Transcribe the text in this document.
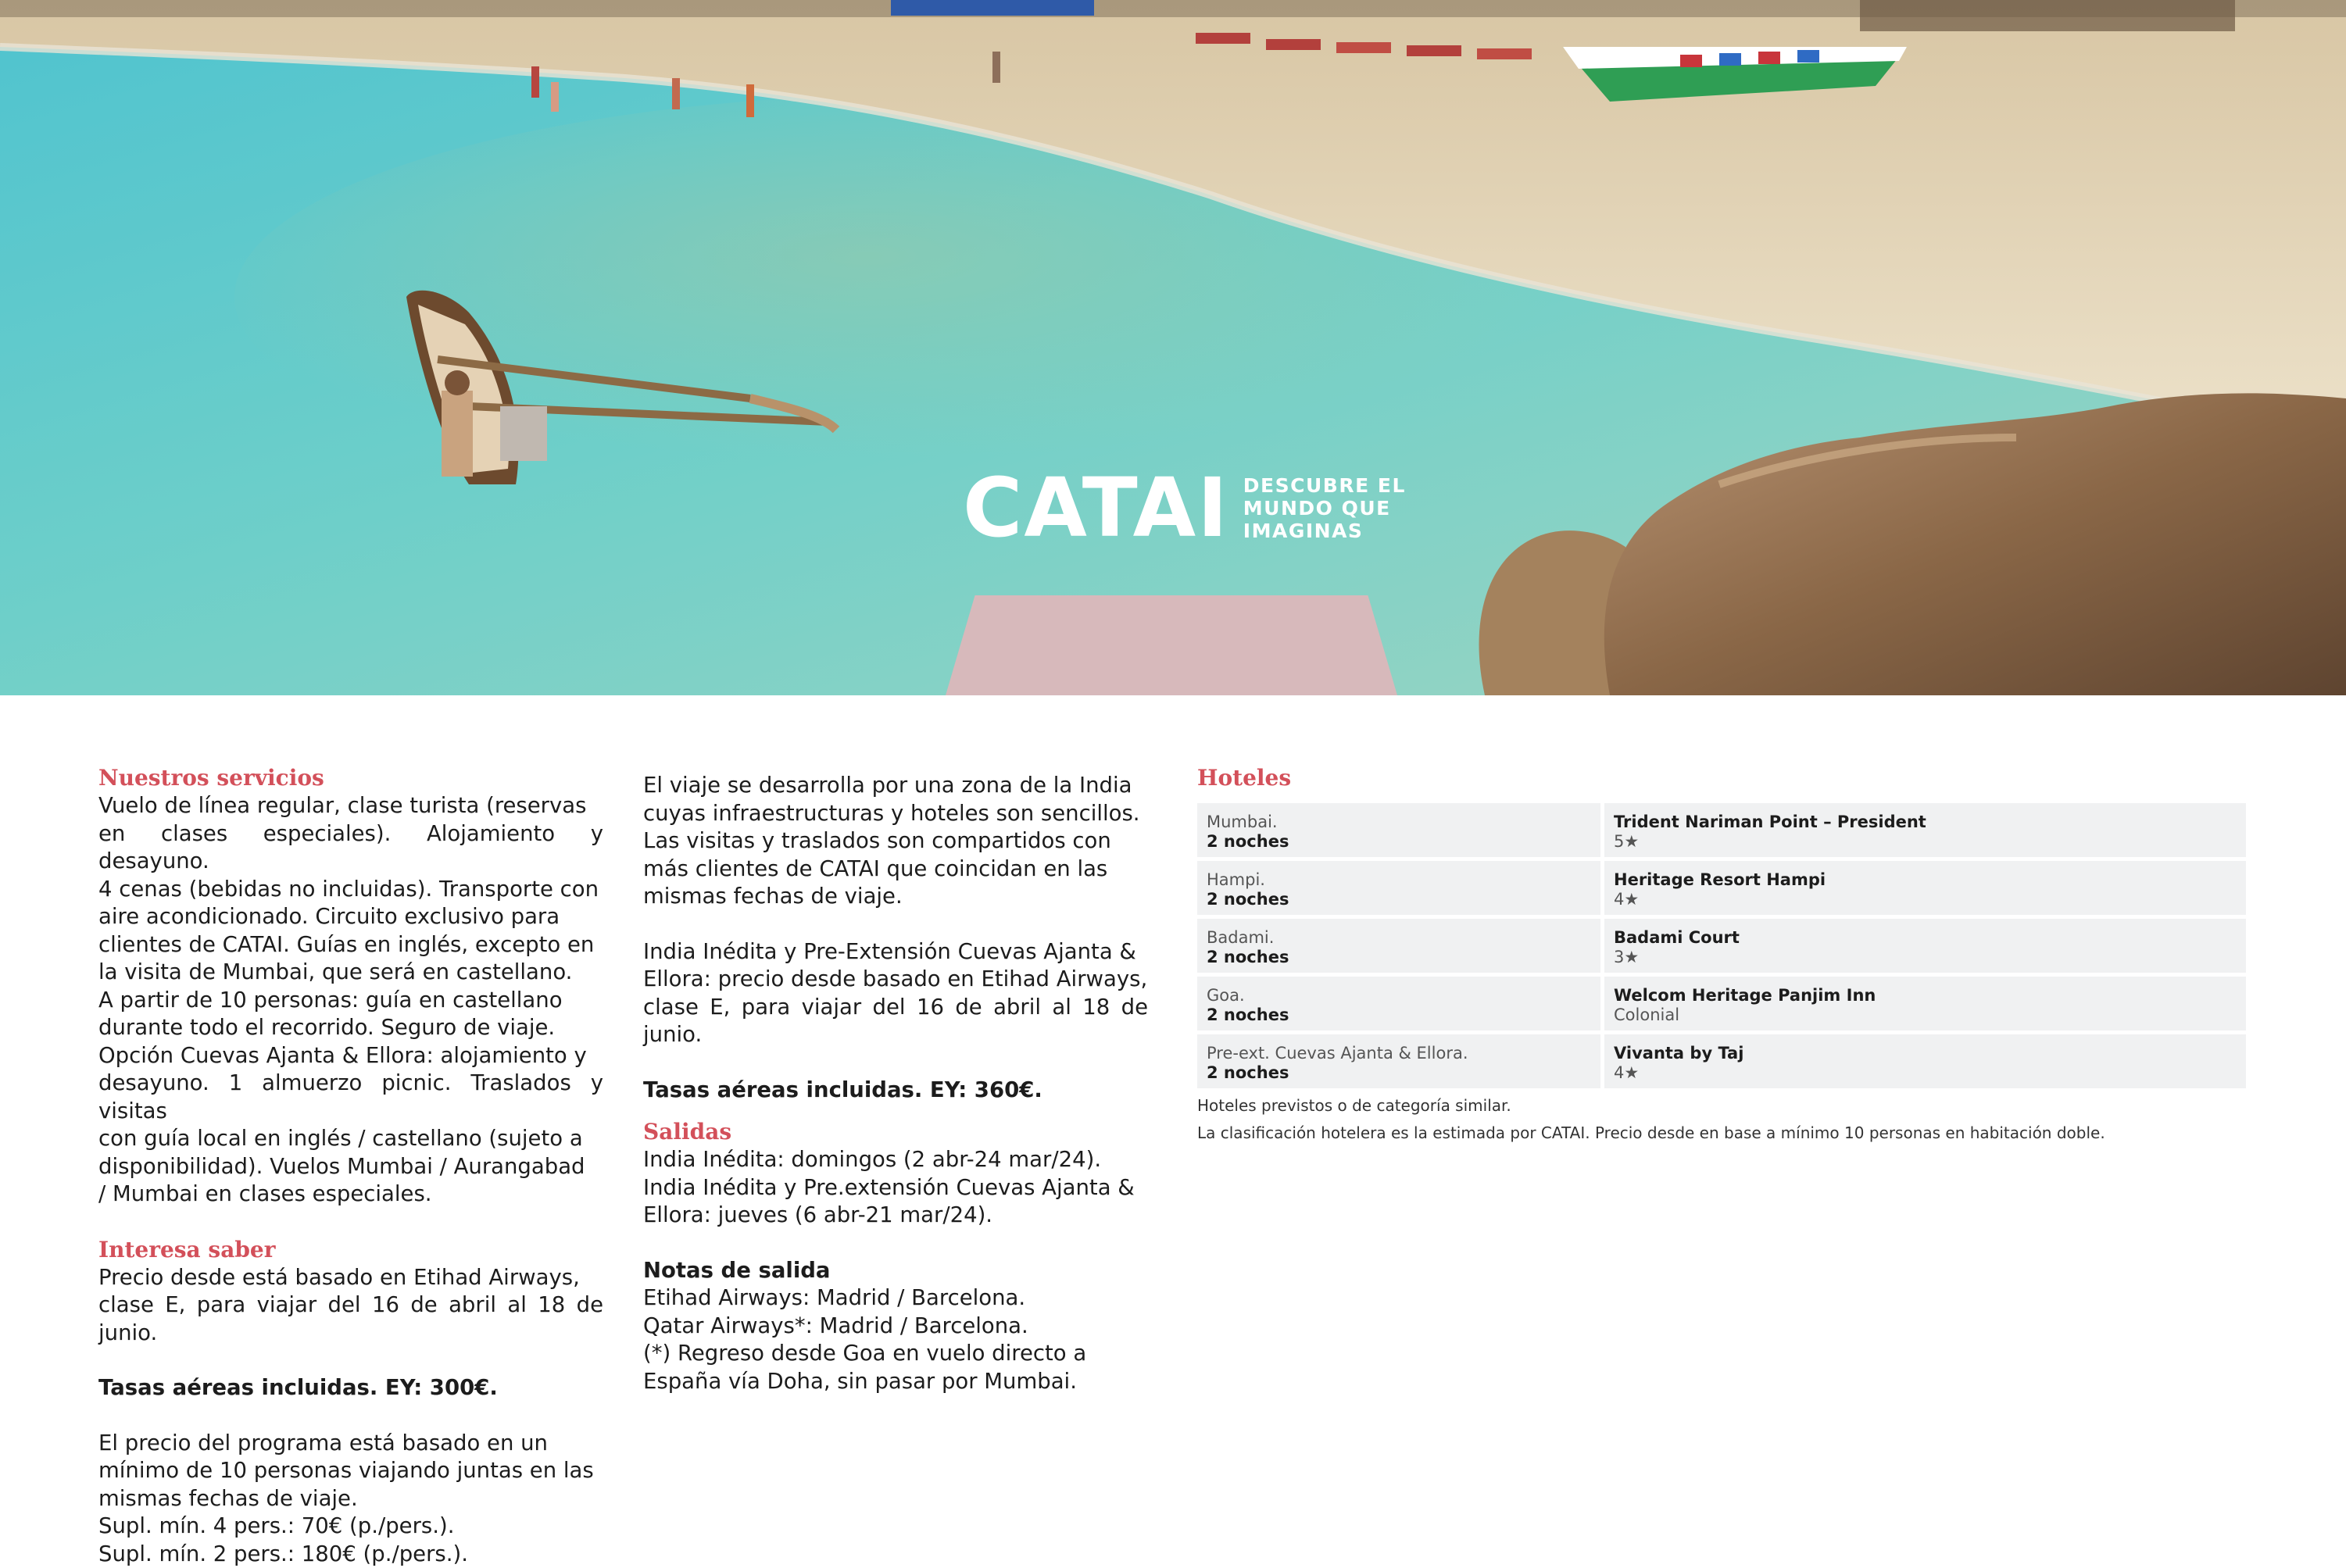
CATAI DESCUBRE EL
MUNDO QUE
IMAGINAS

Nuestros servicios

Vuelo de línea regular, clase turista (reservas
en clases especiales). Alojamiento y desayuno.
4 cenas (bebidas no incluidas). Transporte con
aire acondicionado. Circuito exclusivo para
clientes de CATAI. Guías en inglés, excepto en
la visita de Mumbai, que será en castellano.
A partir de 10 personas: guía en castellano
durante todo el recorrido. Seguro de viaje.
Opción Cuevas Ajanta & Ellora: alojamiento y
desayuno. 1 almuerzo picnic. Traslados y visitas
con guía local en inglés / castellano (sujeto a
disponibilidad). Vuelos Mumbai / Aurangabad
/ Mumbai en clases especiales.

Interesa saber

Precio desde está basado en Etihad Airways,
clase E, para viajar del 16 de abril al 18 de junio.

Tasas aéreas incluidas. EY: 300€.

El precio del programa está basado en un
mínimo de 10 personas viajando juntas en las
mismas fechas de viaje.
Supl. mín. 4 pers.: 70€ (p./pers.).
Supl. mín. 2 pers.: 180€ (p./pers.).

El viaje se desarrolla por una zona de la India
cuyas infraestructuras y hoteles son sencillos.
Las visitas y traslados son compartidos con
más clientes de CATAI que coincidan en las
mismas fechas de viaje.

India Inédita y Pre-Extensión Cuevas Ajanta &
Ellora: precio desde basado en Etihad Airways,
clase E, para viajar del 16 de abril al 18 de junio.

Tasas aéreas incluidas. EY: 360€.

Salidas

India Inédita: domingos (2 abr-24 mar/24).
India Inédita y Pre.extensión Cuevas Ajanta &
Ellora: jueves (6 abr-21 mar/24).

Notas de salida

Etihad Airways: Madrid / Barcelona.
Qatar Airways*: Madrid / Barcelona.
(*) Regreso desde Goa en vuelo directo a
España vía Doha, sin pasar por Mumbai.

Hoteles

Mumbai.
2 noches
Trident Nariman Point – President
5★
Hampi.
2 noches
Heritage Resort Hampi
4★
Badami.
2 noches
Badami Court
3★
Goa.
2 noches
Welcom Heritage Panjim Inn
Colonial
Pre-ext. Cuevas Ajanta & Ellora.
2 noches
Vivanta by Taj
4★
Hoteles previstos o de categoría similar.
La clasificación hotelera es la estimada por CATAI. Precio desde en base a mínimo 10 personas en habitación doble.
